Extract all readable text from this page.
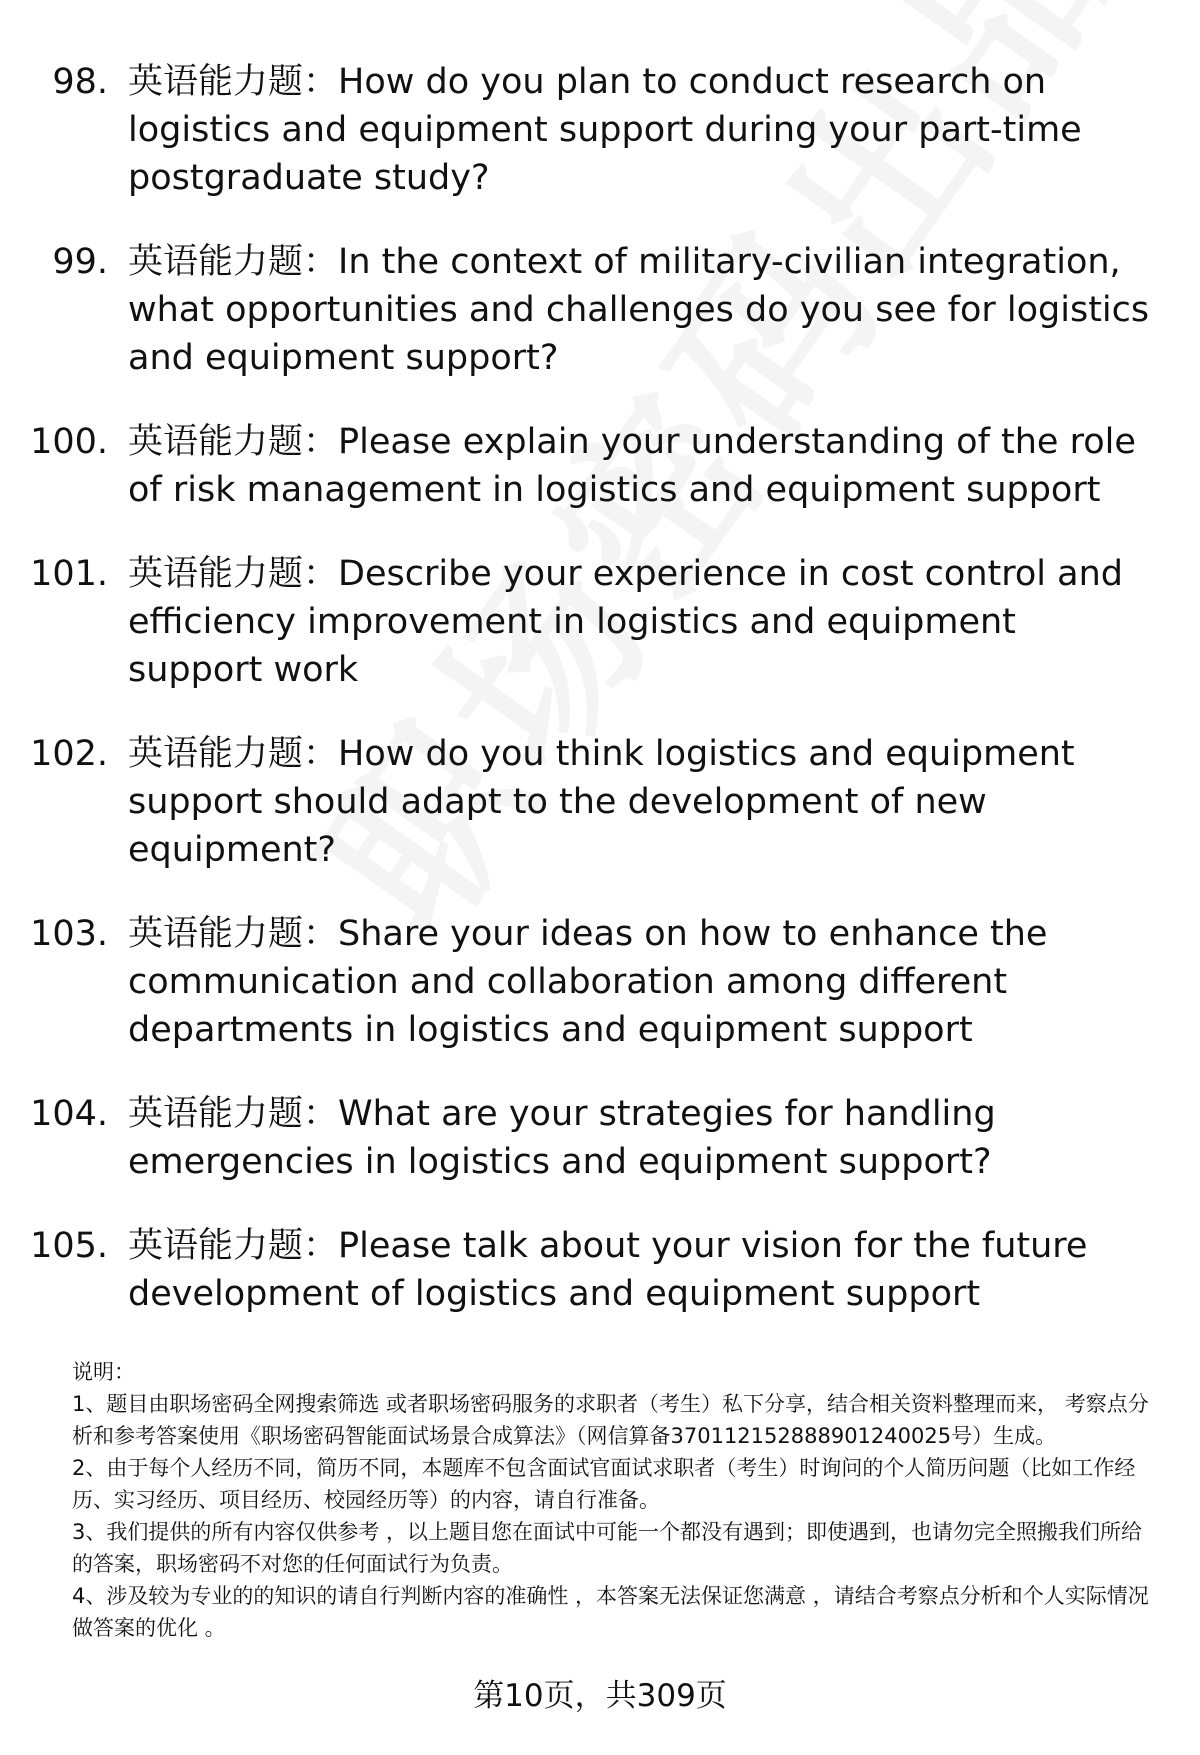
98. 英语能力题：How do you plan to conduct research on logistics and equipment support during your part-time postgraduate study?
99. 英语能力题：In the context of military-civilian integration, what opportunities and challenges do you see for logistics and equipment support?
100. 英语能力题：Please explain your understanding of the role of risk management in logistics and equipment support
101. 英语能力题：Describe your experience in cost control and efficiency improvement in logistics and equipment support work
102. 英语能力题：How do you think logistics and equipment support should adapt to the development of new equipment?
103. 英语能力题：Share your ideas on how to enhance the communication and collaboration among different departments in logistics and equipment support
104. 英语能力题：What are your strategies for handling emergencies in logistics and equipment support?
105. 英语能力题：Please talk about your vision for the future development of logistics and equipment support

说明：

1、题目由职场密码全网搜索筛选 或者职场密码服务的求职者（考生）私下分享，结合相关资料整理而来， 考察点分析和参考答案使用《职场密码智能面试场景合成算法》（网信算备370112152888901240025号）生成。

2、由于每个人经历不同，简历不同，本题库不包含面试官面试求职者（考生）时询问的个人简历问题（比如工作经历、实习经历、项目经历、校园经历等）的内容，请自行准备。

3、我们提供的所有内容仅供参考 ，以上题目您在面试中可能一个都没有遇到；即使遇到，也请勿完全照搬我们所给的答案，职场密码不对您的任何面试行为负责。

4、涉及较为专业的的知识的请自行判断内容的准确性 ，本答案无法保证您满意 ，请结合考察点分析和个人实际情况做答案的优化 。

第10页，共309页
